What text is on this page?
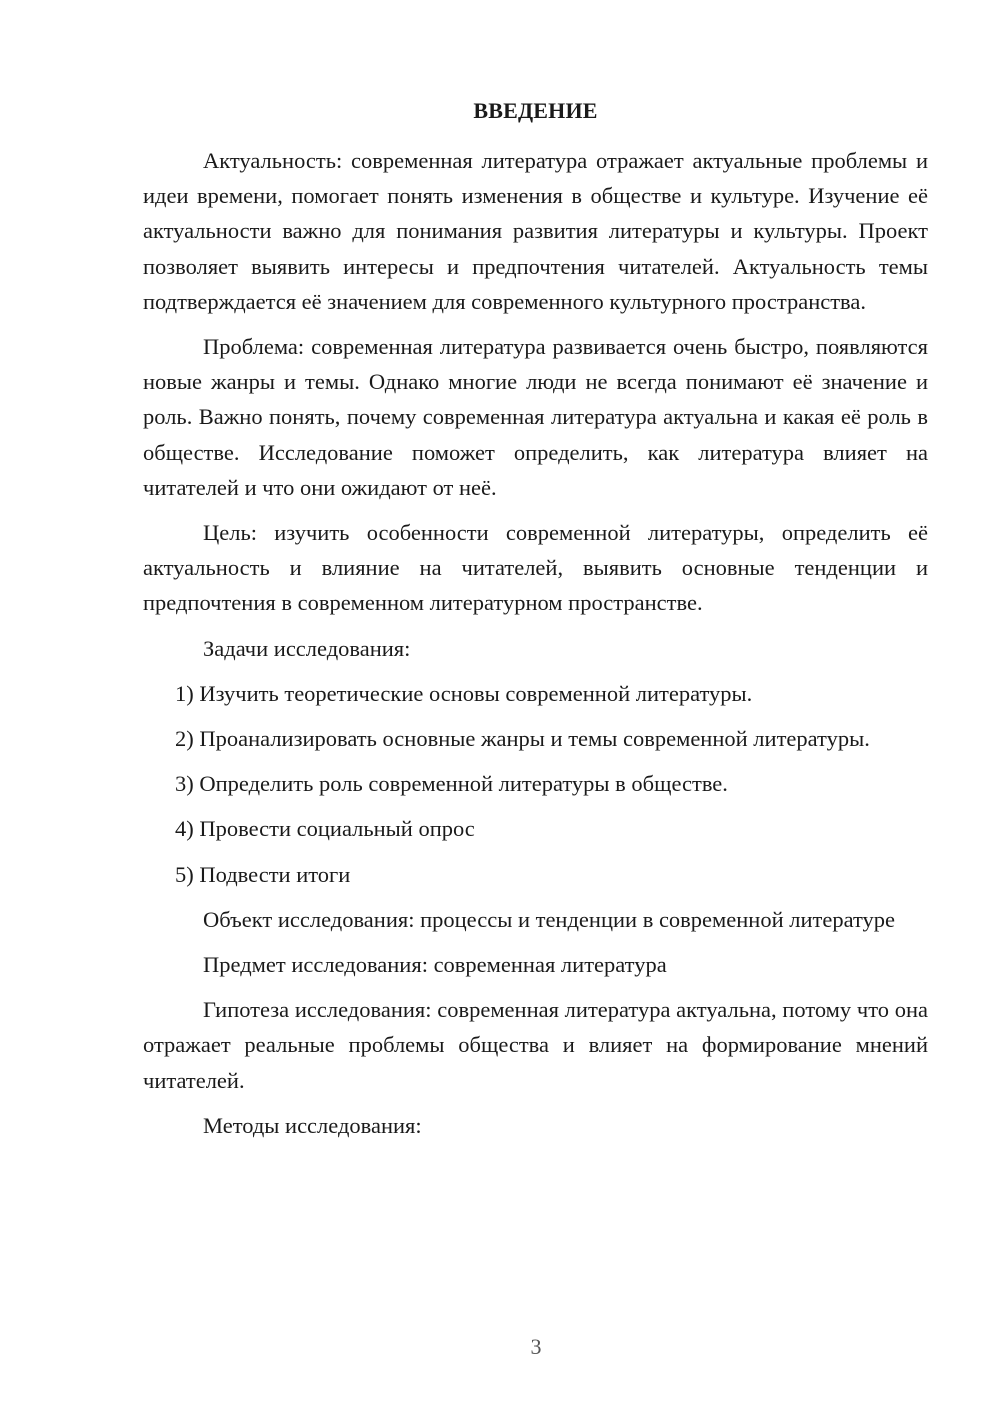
ВВЕДЕНИЕ

Актуальность: современная литература отражает актуальные проблемы и идеи времени, помогает понять изменения в обществе и культуре. Изучение её актуальности важно для понимания развития литературы и культуры. Проект позволяет выявить интересы и предпочтения читателей. Актуальность темы подтверждается её значением для современного культурного пространства.

Проблема: современная литература развивается очень быстро, появляются новые жанры и темы. Однако многие люди не всегда понимают её значение и роль. Важно понять, почему современная литература актуальна и какая её роль в обществе. Исследование поможет определить, как литература влияет на читателей и что они ожидают от неё.

Цель: изучить особенности современной литературы, определить её актуальность и влияние на читателей, выявить основные тенденции и предпочтения в современном литературном пространстве.

Задачи исследования:

1) Изучить теоретические основы современной литературы.

2) Проанализировать основные жанры и темы современной литературы.

3) Определить роль современной литературы в обществе.

4) Провести социальный опрос

5) Подвести итоги

Объект исследования: процессы и тенденции в современной литературе

Предмет исследования: современная литература

Гипотеза исследования: современная литература актуальна, потому что она отражает реальные проблемы общества и влияет на формирование мнений читателей.

Методы исследования:

3
